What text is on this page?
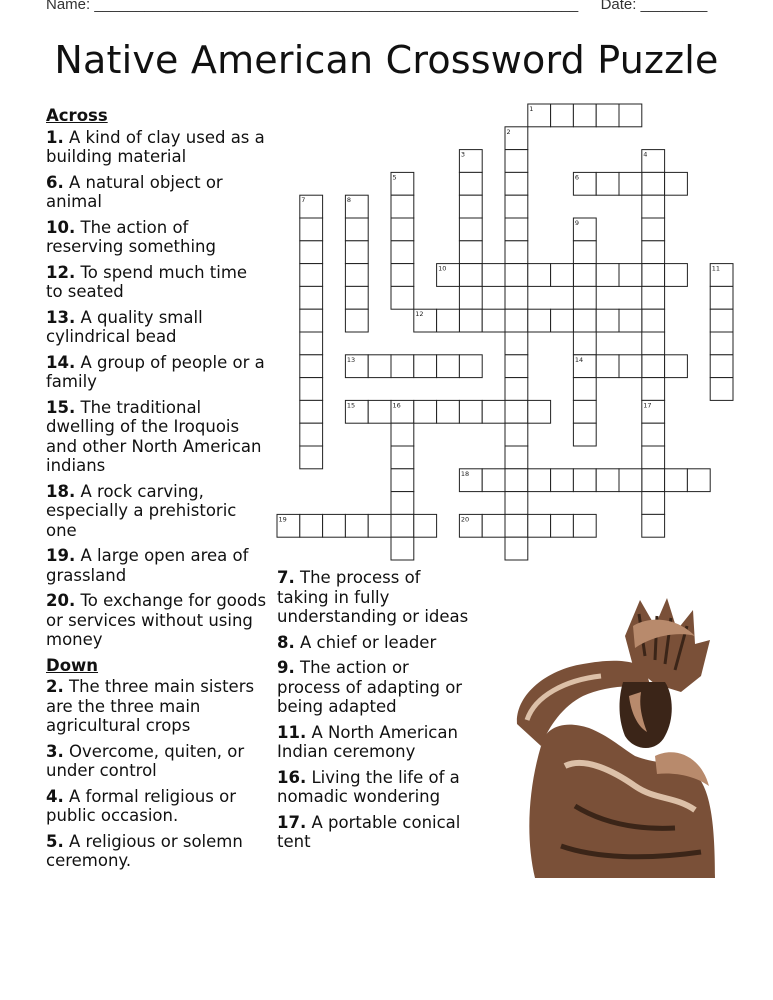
Name: __________________________________________________________ Date: ________
Native American Crossword Puzzle
1
2
3	4
5	6
7	8
9
10	11
12
13	14
15	16	17
18
19	20
Across
1. A kind of clay used as a building material
6. A natural object or animal
10. The action of reserving something
12. To spend much time to seated
13. A quality small cylindrical bead
14. A group of people or a family
15. The traditional dwelling of the Iroquois and other North American indians
18. A rock carving, especially a prehistoric one
19. A large open area of grassland
20. To exchange for goods or services without using money
Down
2. The three main sisters are the three main agricultural crops
3. Overcome, quiten, or under control
4. A formal religious or public occasion.
5. A religious or solemn ceremony.
7. The process of taking in fully understanding or ideas
8. A chief or leader
9. The action or process of adapting or being adapted
11. A North American Indian ceremony
16. Living the life of a nomadic wondering
17. A portable conical tent
